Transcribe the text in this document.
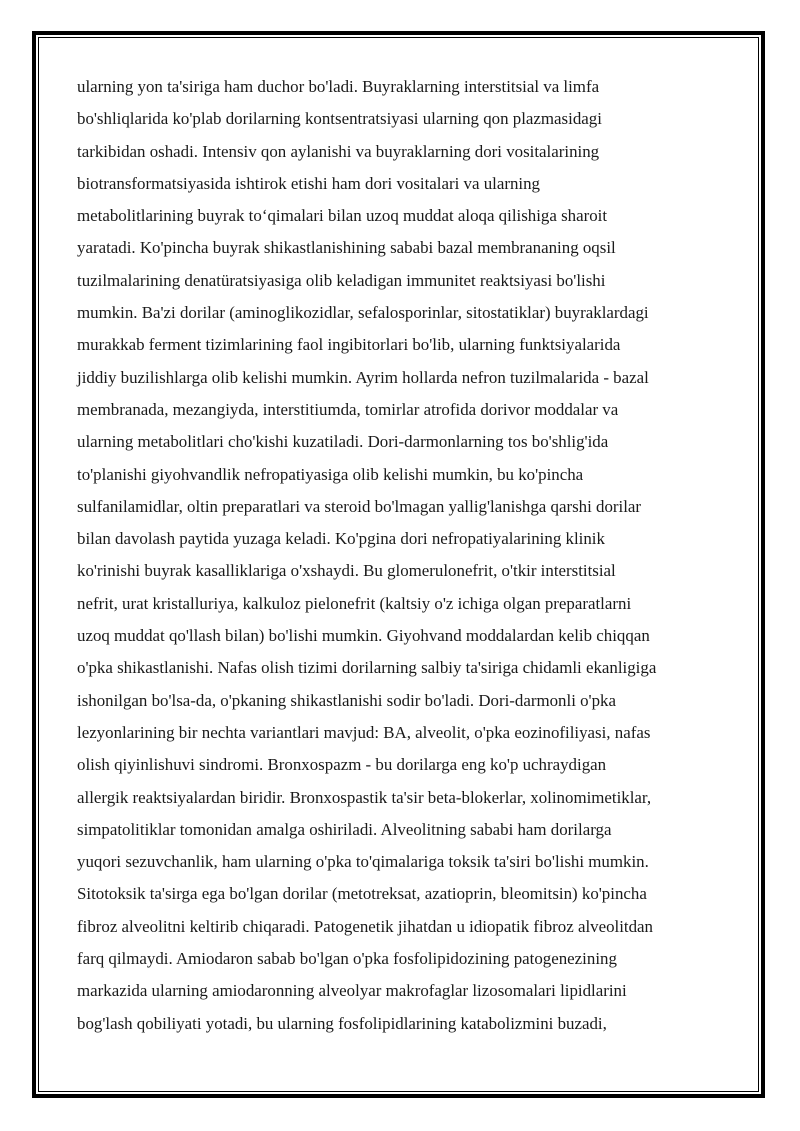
ularning yon ta'siriga ham duchor bo'ladi. Buyraklarning interstitsial va limfa
bo'shliqlarida ko'plab dorilarning kontsentratsiyasi ularning qon plazmasidagi
tarkibidan oshadi. Intensiv qon aylanishi va buyraklarning dori vositalarining
biotransformatsiyasida ishtirok etishi ham dori vositalari va ularning
metabolitlarining buyrak to‘qimalari bilan uzoq muddat aloqa qilishiga sharoit
yaratadi. Ko'pincha buyrak shikastlanishining sababi bazal membrananing oqsil
tuzilmalarining denatüratsiyasiga olib keladigan immunitet reaktsiyasi bo'lishi
mumkin. Ba'zi dorilar (aminoglikozidlar, sefalosporinlar, sitostatiklar) buyraklardagi
murakkab ferment tizimlarining faol ingibitorlari bo'lib, ularning funktsiyalarida
jiddiy buzilishlarga olib kelishi mumkin. Ayrim hollarda nefron tuzilmalarida - bazal
membranada, mezangiyda, interstitiumda, tomirlar atrofida dorivor moddalar va
ularning metabolitlari cho'kishi kuzatiladi. Dori-darmonlarning tos bo'shlig'ida
to'planishi giyohvandlik nefropatiyasiga olib kelishi mumkin, bu ko'pincha
sulfanilamidlar, oltin preparatlari va steroid bo'lmagan yallig'lanishga qarshi dorilar
bilan davolash paytida yuzaga keladi. Ko'pgina dori nefropatiyalarining klinik
ko'rinishi buyrak kasalliklariga o'xshaydi. Bu glomerulonefrit, o'tkir interstitsial
nefrit, urat kristalluriya, kalkuloz pielonefrit (kaltsiy o'z ichiga olgan preparatlarni
uzoq muddat qo'llash bilan) bo'lishi mumkin. Giyohvand moddalardan kelib chiqqan
o'pka shikastlanishi. Nafas olish tizimi dorilarning salbiy ta'siriga chidamli ekanligiga
ishonilgan bo'lsa-da, o'pkaning shikastlanishi sodir bo'ladi. Dori-darmonli o'pka
lezyonlarining bir nechta variantlari mavjud: BA, alveolit, o'pka eozinofiliyasi, nafas
olish qiyinlishuvi sindromi. Bronxospazm - bu dorilarga eng ko'p uchraydigan
allergik reaktsiyalardan biridir. Bronxospastik ta'sir beta-blokerlar, xolinomimetiklar,
simpatolitiklar tomonidan amalga oshiriladi. Alveolitning sababi ham dorilarga
yuqori sezuvchanlik, ham ularning o'pka to'qimalariga toksik ta'siri bo'lishi mumkin.
Sitotoksik ta'sirga ega bo'lgan dorilar (metotreksat, azatioprin, bleomitsin) ko'pincha
fibroz alveolitni keltirib chiqaradi. Patogenetik jihatdan u idiopatik fibroz alveolitdan
farq qilmaydi. Amiodaron sabab bo'lgan o'pka fosfolipidozining patogenezining
markazida ularning amiodaronning alveolyar makrofaglar lizosomalari lipidlarini
bog'lash qobiliyati yotadi, bu ularning fosfolipidlarining katabolizmini buzadi,
